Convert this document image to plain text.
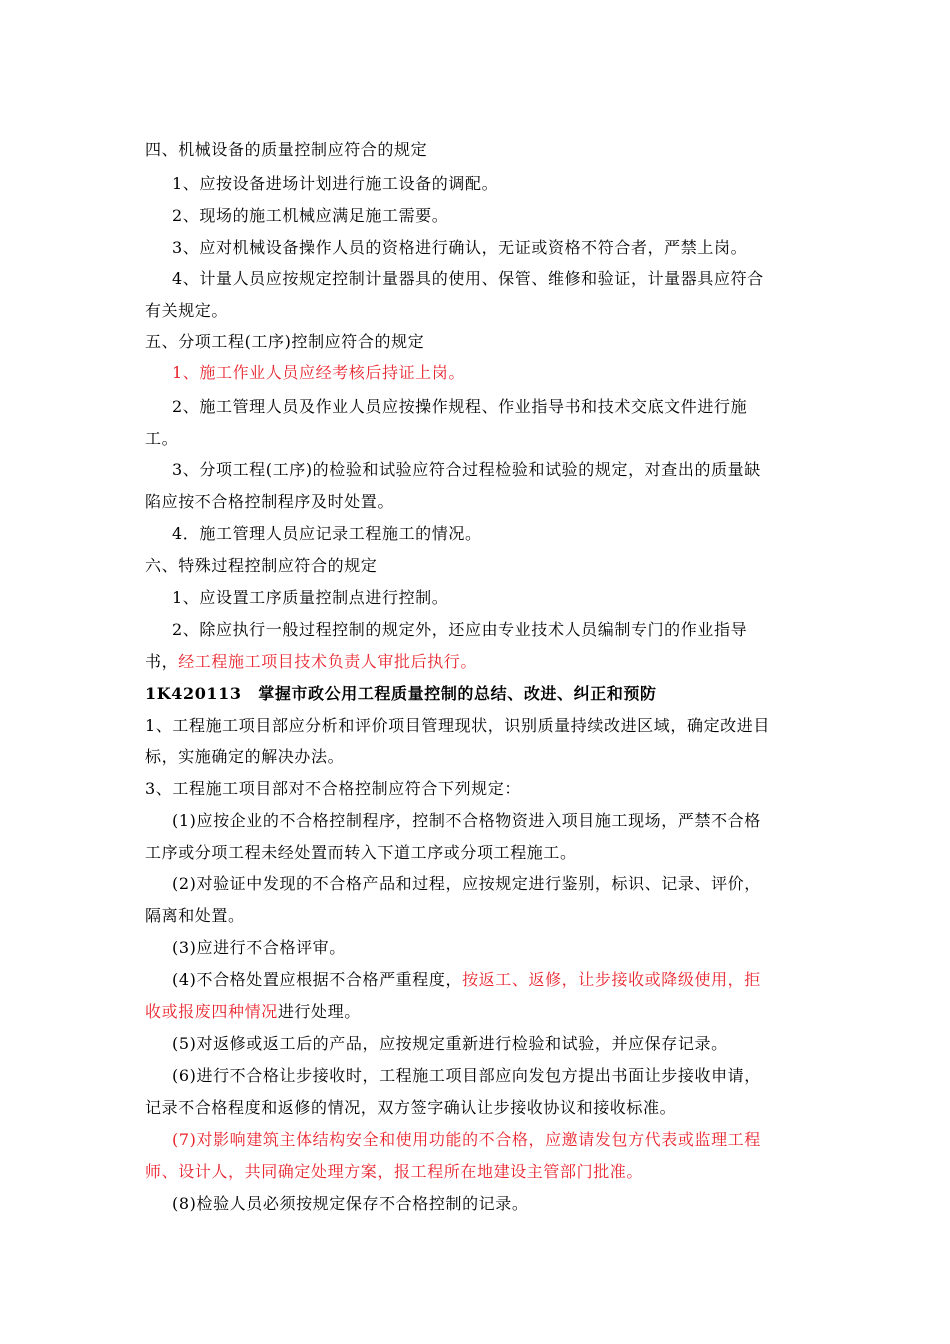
四、机械设备的质量控制应符合的规定
1、应按设备进场计划进行施工设备的调配。
2、现场的施工机械应满足施工需要。
3、应对机械设备操作人员的资格进行确认，无证或资格不符合者，严禁上岗。
4、计量人员应按规定控制计量器具的使用、保管、维修和验证，计量器具应符合
有关规定。
五、分项工程(工序)控制应符合的规定
1、施工作业人员应经考核后持证上岗。
2、施工管理人员及作业人员应按操作规程、作业指导书和技术交底文件进行施
工。
3、分项工程(工序)的检验和试验应符合过程检验和试验的规定，对查出的质量缺
陷应按不合格控制程序及时处置。
4．施工管理人员应记录工程施工的情况。
六、特殊过程控制应符合的规定
1、应设置工序质量控制点进行控制。
2、除应执行一般过程控制的规定外，还应由专业技术人员编制专门的作业指导
书，经工程施工项目技术负责人审批后执行。
1K420113　掌握市政公用工程质量控制的总结、改进、纠正和预防
1、工程施工项目部应分析和评价项目管理现状，识别质量持续改进区域，确定改进目
标，实施确定的解决办法。
3、工程施工项目部对不合格控制应符合下列规定：
(1)应按企业的不合格控制程序，控制不合格物资进入项目施工现场，严禁不合格
工序或分项工程未经处置而转入下道工序或分项工程施工。
(2)对验证中发现的不合格产品和过程，应按规定进行鉴别，标识、记录、评价，
隔离和处置。
(3)应进行不合格评审。
(4)不合格处置应根据不合格严重程度，按返工、返修，让步接收或降级使用，拒
收或报废四种情况进行处理。
(5)对返修或返工后的产品，应按规定重新进行检验和试验，并应保存记录。
(6)进行不合格让步接收时，工程施工项目部应向发包方提出书面让步接收申请，
记录不合格程度和返修的情况，双方签字确认让步接收协议和接收标准。
(7)对影响建筑主体结构安全和使用功能的不合格，应邀请发包方代表或监理工程
师、设计人，共同确定处理方案，报工程所在地建设主管部门批准。
(8)检验人员必须按规定保存不合格控制的记录。
